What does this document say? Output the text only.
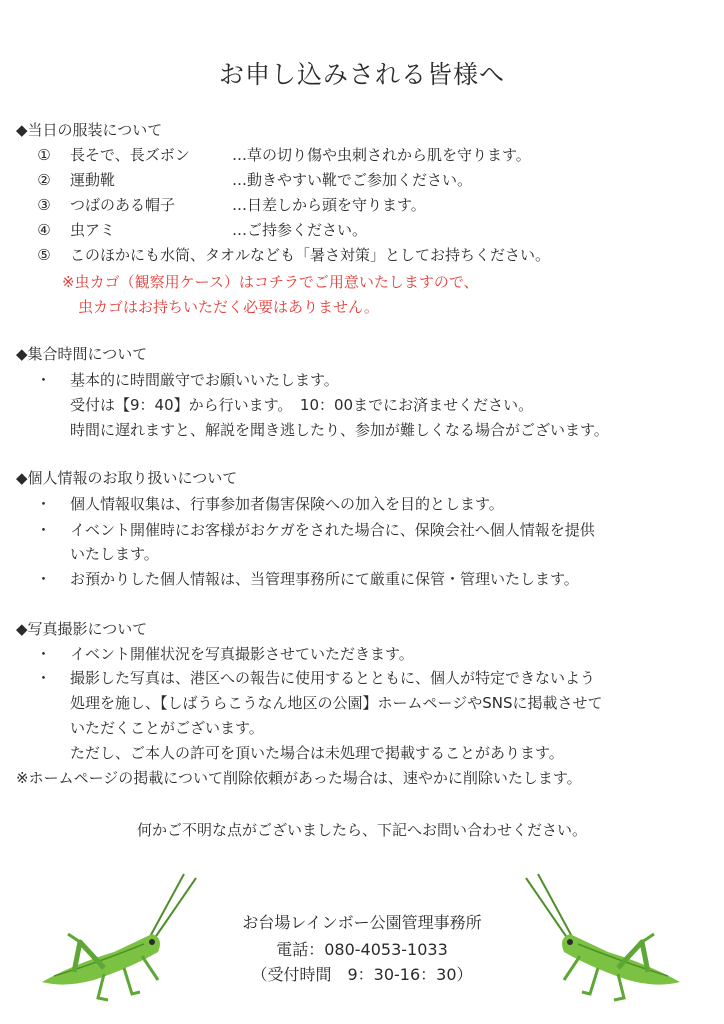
お申し込みされる皆様へ
◆当日の服装について
① 長そで、長ズボン	…草の切り傷や虫刺されから肌を守ります。
② 運動靴	…動きやすい靴でご参加ください。
③ つばのある帽子	…日差しから頭を守ります。
④ 虫アミ	…ご持参ください。
⑤ このほかにも水筒、タオルなども「暑さ対策」としてお持ちください。
※虫カゴ（観察用ケース）はコチラでご用意いたしますので、
虫カゴはお持ちいただく必要はありません。
◆集合時間について
・ 基本的に時間厳守でお願いいたします。
受付は【9：40】から行います。　10：00までにお済ませください。
時間に遅れますと、解説を聞き逃したり、参加が難しくなる場合がございます。
◆個人情報のお取り扱いについて
・ 個人情報収集は、行事参加者傷害保険への加入を目的とします。
・ イベント開催時にお客様がおケガをされた場合に、保険会社へ個人情報を提供
いたします。
・ お預かりした個人情報は、当管理事務所にて厳重に保管・管理いたします。
◆写真撮影について
・ イベント開催状況を写真撮影させていただきます。
・ 撮影した写真は、港区への報告に使用するとともに、個人が特定できないよう
処理を施し、【しばうらこうなん地区の公園】ホームページやSNSに掲載させて
いただくことがございます。
ただし、ご本人の許可を頂いた場合は未処理で掲載することがあります。
※ホームページの掲載について削除依頼があった場合は、速やかに削除いたします。
何かご不明な点がございましたら、下記へお問い合わせください。
お台場レインボー公園管理事務所
電話：080-4053-1033
（受付時間　9：30-16：30）
